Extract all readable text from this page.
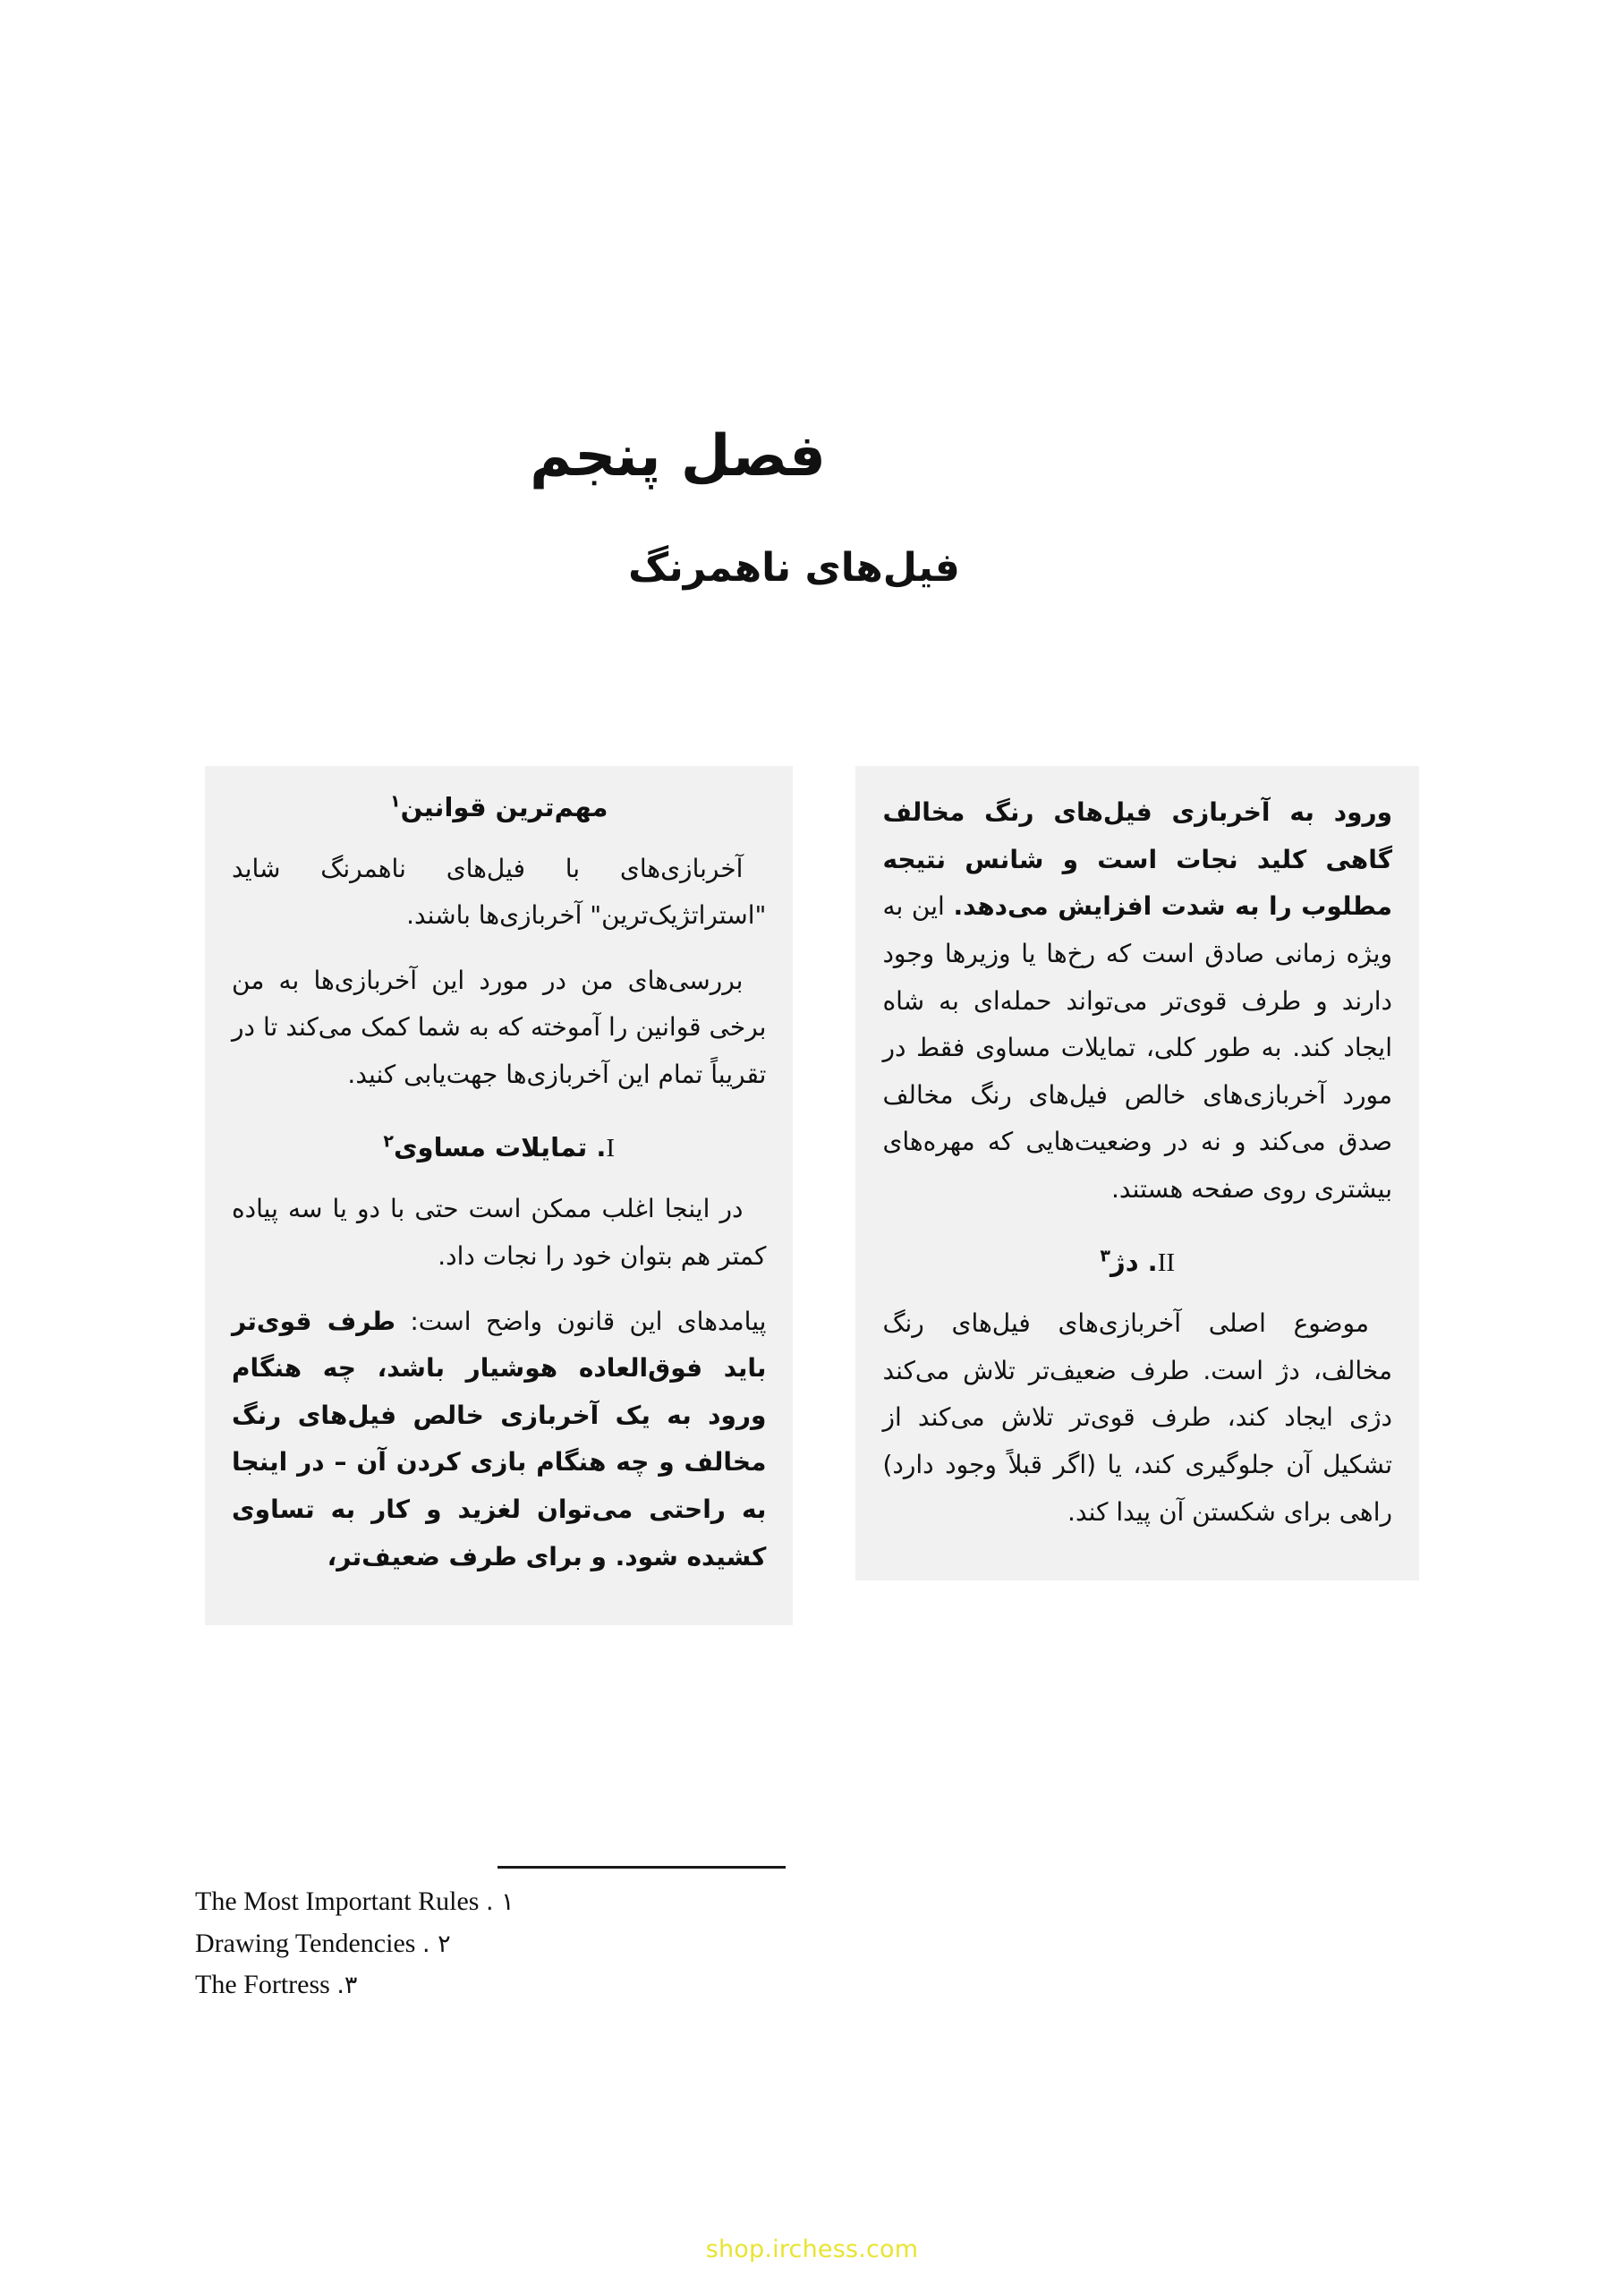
فصل پنجم
فیل‌های ناهمرنگ
مهم‌ترین قوانین$^۱$

آخربازی‌های با فیل‌های ناهمرنگ شاید "استراتژیک‌ترین" آخربازی‌ها باشند.

بررسی‌های من در مورد این آخربازی‌ها به من برخی قوانین را آموخته که به شما کمک می‌کند تا در تقریباً تمام این آخربازی‌ها جهت‌یابی کنید.

I. تمایلات مساوی$^۲$

در اینجا اغلب ممکن است حتی با دو یا سه پیاده کمتر هم بتوان خود را نجات داد.

پیامدهای این قانون واضح است: طرف قوی‌تر باید فوق‌العاده هوشیار باشد، چه هنگام ورود به یک آخربازی خالص فیل‌های رنگ مخالف و چه هنگام بازی کردن آن – در اینجا به راحتی می‌توان لغزید و کار به تساوی کشیده شود. و برای طرف ضعیف‌تر،

ورود به آخربازی فیل‌های رنگ مخالف گاهی کلید نجات است و شانس نتیجه مطلوب را به شدت افزایش می‌دهد. این به ویژه زمانی صادق است که رخ‌ها یا وزیرها وجود دارند و طرف قوی‌تر می‌تواند حمله‌ای به شاه ایجاد کند. به طور کلی، تمایلات مساوی فقط در مورد آخربازی‌های خالص فیل‌های رنگ مخالف صدق می‌کند و نه در وضعیت‌هایی که مهره‌های بیشتری روی صفحه هستند.

II. دژ$^۳$

موضوع اصلی آخربازی‌های فیل‌های رنگ مخالف، دژ است. طرف ضعیف‌تر تلاش می‌کند دژی ایجاد کند، طرف قوی‌تر تلاش می‌کند از تشکیل آن جلوگیری کند، یا (اگر قبلاً وجود دارد) راهی برای شکستن آن پیدا کند.

The Most Important Rules . ۱

Drawing Tendencies . ۲

The Fortress .۳

shop.irchess.com
